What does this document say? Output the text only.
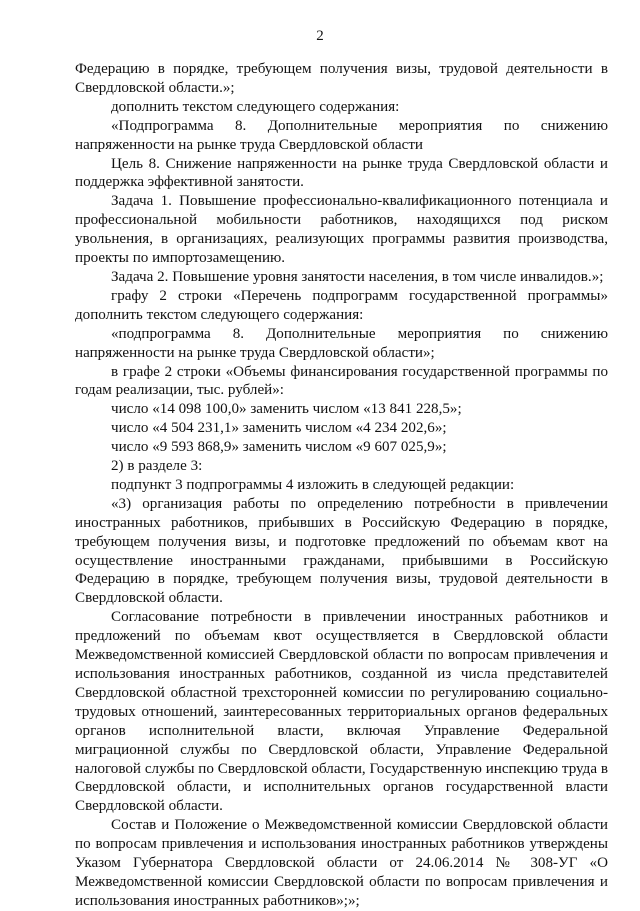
2

Федерацию в порядке, требующем получения визы, трудовой деятельности в Свердловской области.»;

дополнить текстом следующего содержания:

«Подпрограмма 8. Дополнительные мероприятия по снижению напряженности на рынке труда Свердловской области

Цель 8. Снижение напряженности на рынке труда Свердловской области и поддержка эффективной занятости.

Задача 1. Повышение профессионально-квалификационного потенциала и профессиональной мобильности работников, находящихся под риском увольнения, в организациях, реализующих программы развития производства, проекты по импортозамещению.

Задача 2. Повышение уровня занятости населения, в том числе инвалидов.»;

графу 2 строки «Перечень подпрограмм государственной программы» дополнить текстом следующего содержания:

«подпрограмма 8. Дополнительные мероприятия по снижению напряженности на рынке труда Свердловской области»;

в графе 2 строки «Объемы финансирования государственной программы по годам реализации, тыс. рублей»:

число «14 098 100,0» заменить числом «13 841 228,5»;

число «4 504 231,1» заменить числом «4 234 202,6»;

число «9 593 868,9» заменить числом «9 607 025,9»;

2) в разделе 3:

подпункт 3 подпрограммы 4 изложить в следующей редакции:

«3) организация работы по определению потребности в привлечении иностранных работников, прибывших в Российскую Федерацию в порядке, требующем получения визы, и подготовке предложений по объемам квот на осуществление иностранными гражданами, прибывшими в Российскую Федерацию в порядке, требующем получения визы, трудовой деятельности в Свердловской области.

Согласование потребности в привлечении иностранных работников и предложений по объемам квот осуществляется в Свердловской области Межведомственной комиссией Свердловской области по вопросам привлечения и использования иностранных работников, созданной из числа представителей Свердловской областной трехсторонней комиссии по регулированию социально-трудовых отношений, заинтересованных территориальных органов федеральных органов исполнительной власти, включая Управление Федеральной миграционной службы по Свердловской области, Управление Федеральной налоговой службы по Свердловской области, Государственную инспекцию труда в Свердловской области, и исполнительных органов государственной власти Свердловской области.

Состав и Положение о Межведомственной комиссии Свердловской области по вопросам привлечения и использования иностранных работников утверждены Указом Губернатора Свердловской области от 24.06.2014 № 308-УГ «О Межведомственной комиссии Свердловской области по вопросам привлечения и использования иностранных работников»;»;
